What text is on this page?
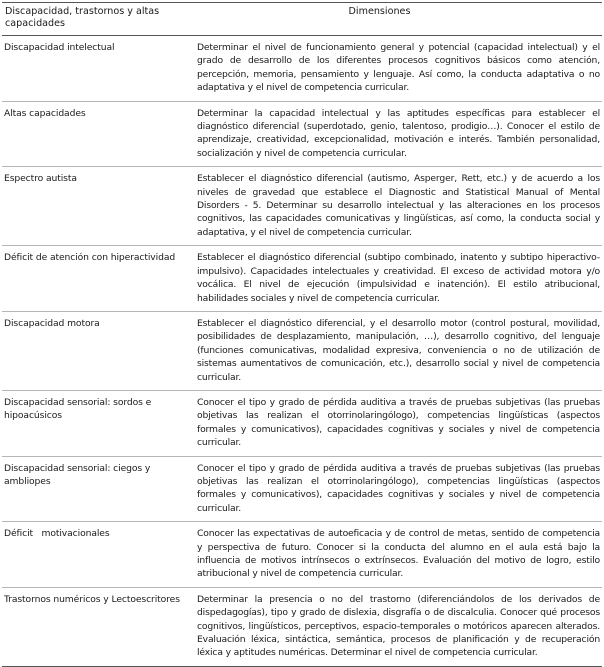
Discapacidad, trastornos y altas capacidades	Dimensiones
Discapacidad intelectual	Determinar el nivel de funcionamiento general y potencial (capacidad intelectual) y el grado de desarrollo de los diferentes procesos cognitivos básicos como atención, percepción, memoria, pensamiento y lenguaje. Así como, la conducta adaptativa o no adaptativa y el nivel de competencia curricular.
Altas capacidades	Determinar la capacidad intelectual y las aptitudes específicas para establecer el diagnóstico diferencial (superdotado, genio, talentoso, prodigio…). Conocer el estilo de aprendizaje, creatividad, excepcionalidad, motivación e interés. También personalidad, socialización y nivel de competencia curricular.
Espectro autista	Establecer el diagnóstico diferencial (autismo, Asperger, Rett, etc.) y de acuerdo a los niveles de gravedad que establece el Diagnostic and Statistical Manual of Mental Disorders - 5. Determinar su desarrollo intelectual y las alteraciones en los procesos cognitivos, las capacidades comunicativas y lingüísticas, así como, la conducta social y adaptativa, y el nivel de competencia curricular.
Déficit de atención con hiperactividad	Establecer el diagnóstico diferencial (subtipo combinado, inatento y subtipo hiperactivo-impulsivo). Capacidades intelectuales y creatividad. El exceso de actividad motora y/o vocálica. El nivel de ejecución (impulsividad e inatención). El estilo atribucional, habilidades sociales y nivel de competencia curricular.
Discapacidad motora	Establecer el diagnóstico diferencial, y el desarrollo motor (control postural, movilidad, posibilidades de desplazamiento, manipulación, …), desarrollo cognitivo, del lenguaje (funciones comunicativas, modalidad expresiva, conveniencia o no de utilización de sistemas aumentativos de comunicación, etc.), desarrollo social y nivel de competencia curricular.
Discapacidad sensorial: sordos e hipoacúsicos	Conocer el tipo y grado de pérdida auditiva a través de pruebas subjetivas (las pruebas objetivas las realizan el otorrinolaringólogo), competencias lingüísticas (aspectos formales y comunicativos), capacidades cognitivas y sociales y nivel de competencia curricular.
Discapacidad sensorial: ciegos y ambliopes	Conocer el tipo y grado de pérdida auditiva a través de pruebas subjetivas (las pruebas objetivas las realizan el otorrinolaringólogo), competencias lingüísticas (aspectos formales y comunicativos), capacidades cognitivas y sociales y nivel de competencia curricular.
Déficit   motivacionales	Conocer las expectativas de autoeficacia y de control de metas, sentido de competencia y perspectiva de futuro. Conocer si la conducta del alumno en el aula está bajo la influencia de motivos intrínsecos o extrínsecos. Evaluación del motivo de logro, estilo atribucional y nivel de competencia curricular.
Trastornos numéricos y Lectoescritores	Determinar la presencia o no del trastorno (diferenciándolos de los derivados de dispedagogías), tipo y grado de dislexia, disgrafía o de discalculia. Conocer qué procesos cognitivos, lingüísticos, perceptivos, espacio-temporales o motóricos aparecen alterados. Evaluación léxica, sintáctica, semántica, procesos de planificación y de recuperación léxica y aptitudes numéricas. Determinar el nivel de competencia curricular.
